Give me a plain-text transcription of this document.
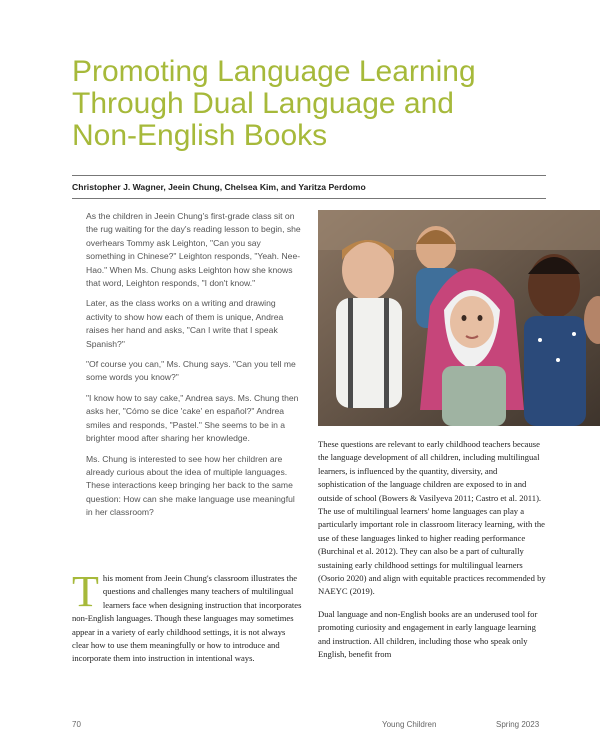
Promoting Language Learning
Through Dual Language and
Non-English Books
Christopher J. Wagner, Jeein Chung, Chelsea Kim, and Yaritza Perdomo

As the children in Jeein Chung's first-grade class sit on the rug waiting for the day's reading lesson to begin, she overhears Tommy ask Leighton, "Can you say something in Chinese?" Leighton responds, "Yeah. Nee-Hao." When Ms. Chung asks Leighton how she knows that word, Leighton responds, "I don't know."

Later, as the class works on a writing and drawing activity to show how each of them is unique, Andrea raises her hand and asks, "Can I write that I speak Spanish?"

"Of course you can," Ms. Chung says. "Can you tell me some words you know?"

"I know how to say cake," Andrea says. Ms. Chung then asks her, "Cómo se dice 'cake' en español?" Andrea smiles and responds, "Pastel." She seems to be in a brighter mood after sharing her knowledge.

Ms. Chung is interested to see how her children are already curious about the idea of multiple languages. These interactions keep bringing her back to the same question: How can she make language use meaningful in her classroom?

This moment from Jeein Chung's classroom illustrates the questions and challenges many teachers of multilingual learners face when designing instruction that incorporates non-English languages. Though these languages may sometimes appear in a variety of early childhood settings, it is not always clear how to use them meaningfully or how to introduce and incorporate them into instruction in intentional ways.

These questions are relevant to early childhood teachers because the language development of all children, including multilingual learners, is influenced by the quantity, diversity, and sophistication of the language children are exposed to in and outside of school (Bowers & Vasilyeva 2011; Castro et al. 2011). The use of multilingual learners' home languages can play a particularly important role in classroom literacy learning, with the use of these languages linked to higher reading performance (Burchinal et al. 2012). They can also be a part of culturally sustaining early childhood settings for multilingual learners (Osorio 2020) and align with equitable practices recommended by NAEYC (2019).

Dual language and non-English books are an underused tool for promoting curiosity and engagement in early language learning and instruction. All children, including those who speak only English, benefit from

70	Young Children	Spring 2023
